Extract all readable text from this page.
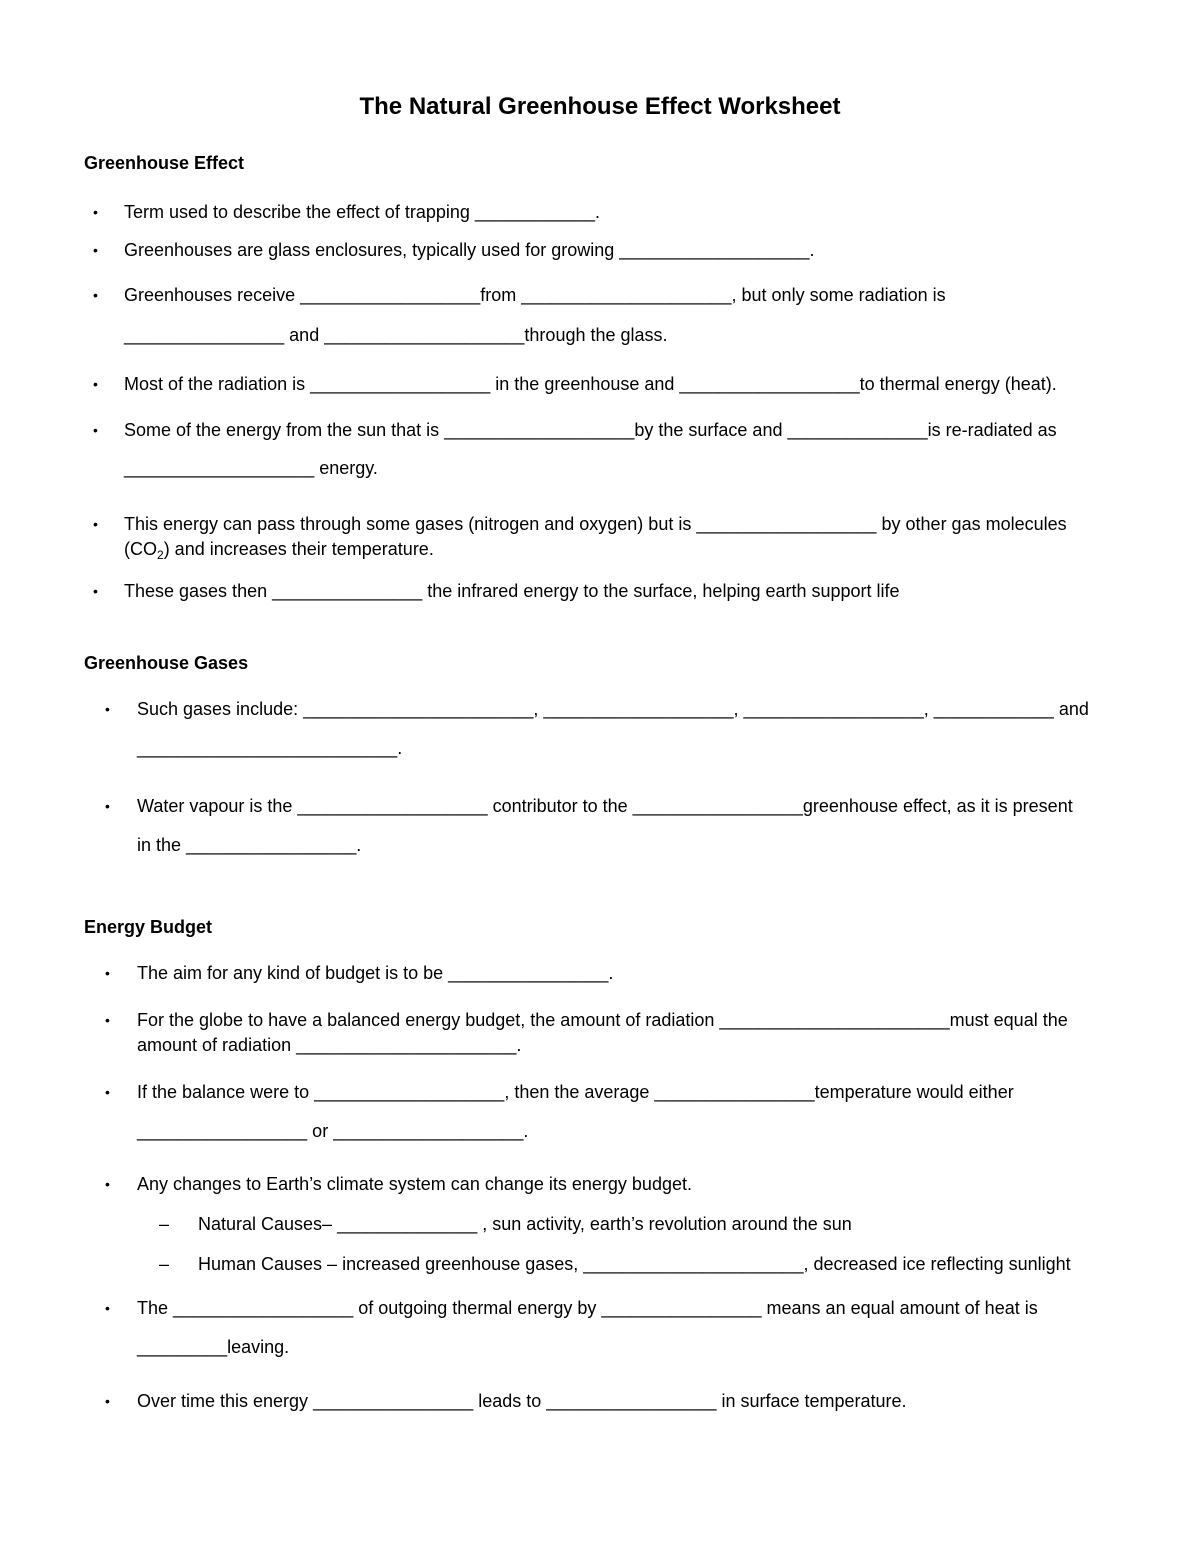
The Natural Greenhouse Effect Worksheet
Greenhouse Effect
• Term used to describe the effect of trapping ____________.
• Greenhouses are glass enclosures, typically used for growing ___________________.
• Greenhouses receive __________________from _____________________, but only some radiation is
________________ and ____________________through the glass.
• Most of the radiation is __________________ in the greenhouse and __________________to thermal energy (heat).
• Some of the energy from the sun that is ___________________by the surface and ______________is re-radiated as
___________________ energy.
• This energy can pass through some gases (nitrogen and oxygen) but is __________________ by other gas molecules
$(CO_2)$ and increases their temperature.
• These gases then _______________ the infrared energy to the surface, helping earth support life
Greenhouse Gases
• Such gases include: _______________________, ___________________, __________________, ____________ and
__________________________.
• Water vapour is the ___________________ contributor to the _________________greenhouse effect, as it is present
in the _________________.
Energy Budget
• The aim for any kind of budget is to be ________________.
• For the globe to have a balanced energy budget, the amount of radiation _______________________must equal the
amount of radiation ______________________.
• If the balance were to ___________________, then the average ________________temperature would either
_________________ or ___________________.
• Any changes to Earth’s climate system can change its energy budget.
– Natural Causes– ______________ , sun activity, earth’s revolution around the sun
– Human Causes – increased greenhouse gases, ______________________, decreased ice reflecting sunlight
• The __________________ of outgoing thermal energy by ________________ means an equal amount of heat is
_________leaving.
• Over time this energy ________________ leads to _________________ in surface temperature.
